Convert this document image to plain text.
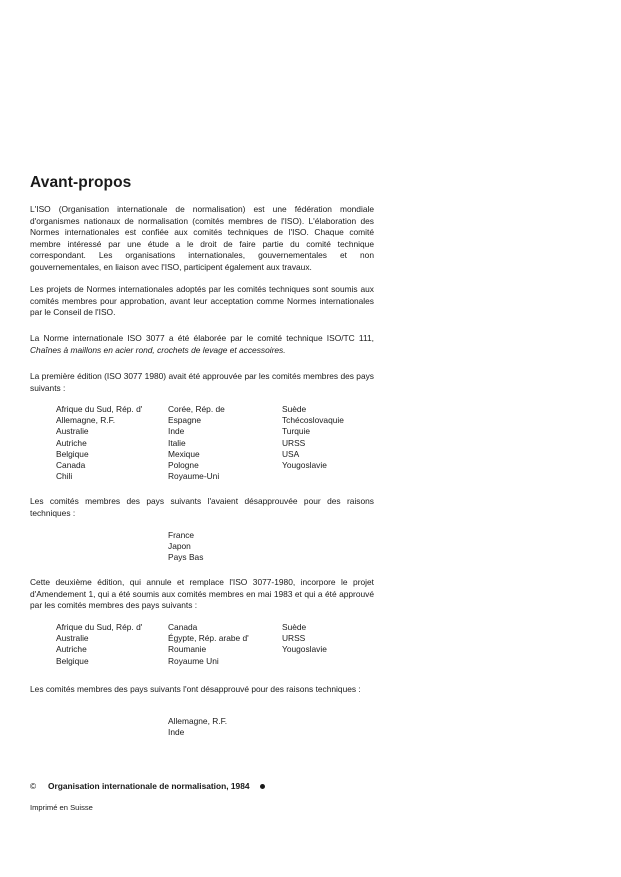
Avant-propos

L'ISO (Organisation internationale de normalisation) est une fédération mondiale d'organismes nationaux de normalisation (comités membres de l'ISO). L'élaboration des Normes internationales est confiée aux comités techniques de l'ISO. Chaque comité membre intéressé par une étude a le droit de faire partie du comité technique correspondant. Les organisations internationales, gouvernementales et non gouvernementales, en liaison avec l'ISO, participent également aux travaux.

Les projets de Normes internationales adoptés par les comités techniques sont soumis aux comités membres pour approbation, avant leur acceptation comme Normes internationales par le Conseil de l'ISO.

La Norme internationale ISO 3077 a été élaborée par le comité technique ISO/TC 111, Chaînes à maillons en acier rond, crochets de levage et accessoires.

La première édition (ISO 3077 1980) avait été approuvée par les comités membres des pays suivants :

Afrique du Sud, Rép. d'
Allemagne, R.F.
Australie
Autriche
Belgique
Canada
Chili
Corée, Rép. de
Espagne
Inde
Italie
Mexique
Pologne
Royaume-Uni
Suède
Tchécoslovaquie
Turquie
URSS
USA
Yougoslavie

Les comités membres des pays suivants l'avaient désapprouvée pour des raisons techniques :

France
Japon
Pays Bas

Cette deuxième édition, qui annule et remplace l'ISO 3077-1980, incorpore le projet d'Amendement 1, qui a été soumis aux comités membres en mai 1983 et qui a été approuvé par les comités membres des pays suivants :

Afrique du Sud, Rép. d'
Australie
Autriche
Belgique
Canada
Égypte, Rép. arabe d'
Roumanie
Royaume Uni
Suède
URSS
Yougoslavie

Les comités membres des pays suivants l'ont désapprouvé pour des raisons techniques :

Allemagne, R.F.
Inde
© Organisation internationale de normalisation, 1984
Imprimé en Suisse
